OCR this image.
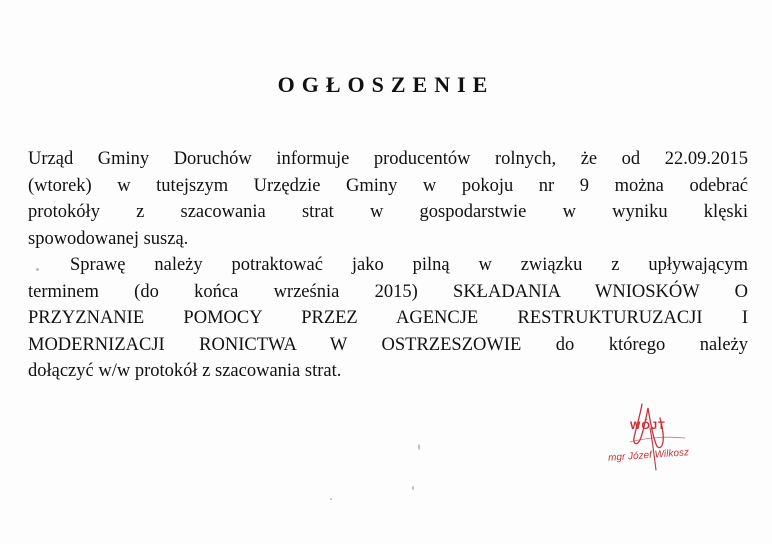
OGŁOSZENIE
Urząd Gminy Doruchów informuje producentów rolnych, że od 22.09.2015
(wtorek) w tutejszym Urzędzie Gminy w pokoju nr 9 można odebrać
protokóły z szacowania strat w gospodarstwie w wyniku klęski
spowodowanej suszą.
Sprawę należy potraktować jako pilną w związku z upływającym
terminem (do końca września 2015) SKŁADANIA WNIOSKÓW O
PRZYZNANIE POMOCY PRZEZ AGENCJE RESTRUKTURUZACJI I
MODERNIZACJI RONICTWA W OSTRZESZOWIE do którego należy
dołączyć w/w protokół z szacowania strat.
WÓJT
mgr Józef Wilkosz
